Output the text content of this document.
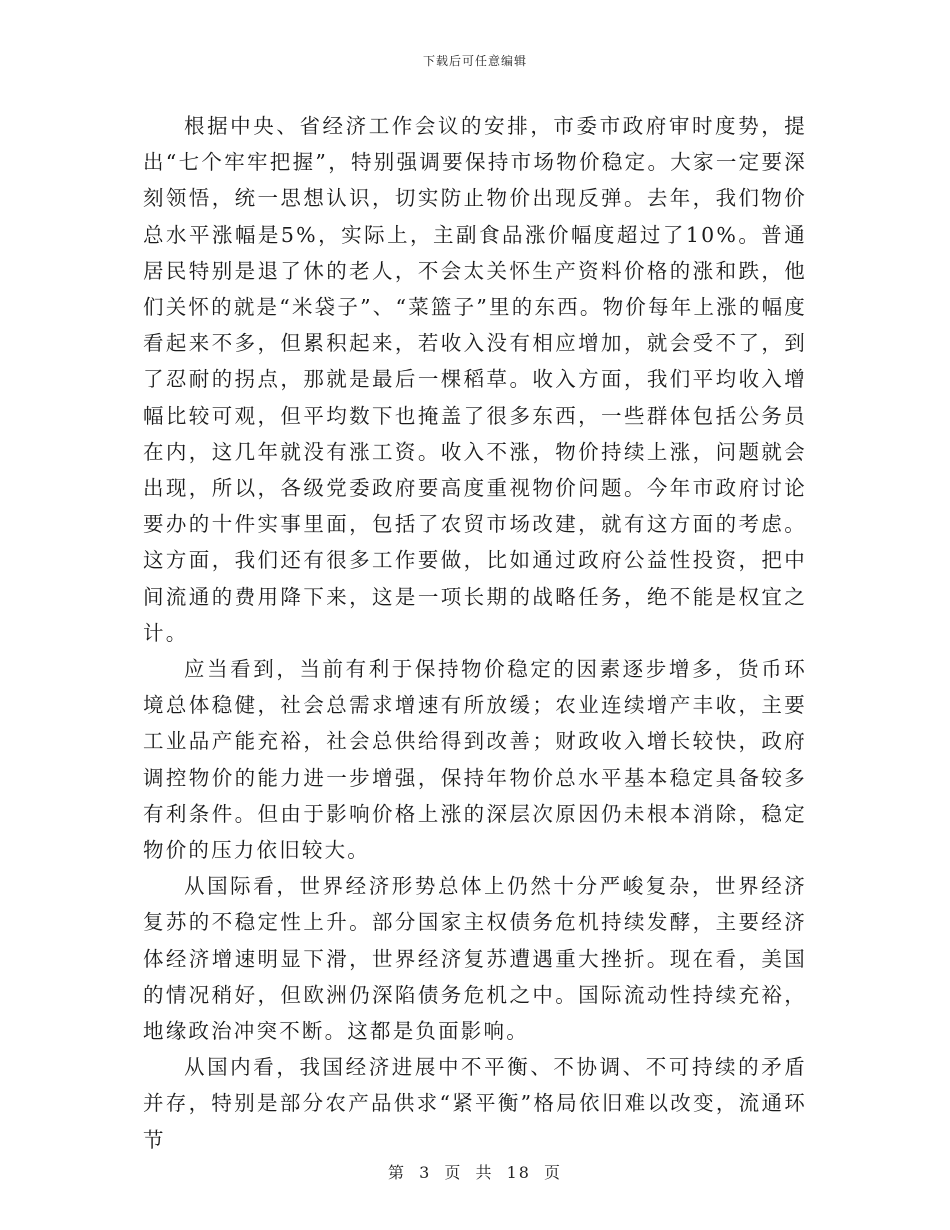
下载后可任意编辑

根据中央、省经济工作会议的安排，市委市政府审时度势，提出“七个牢牢把握”，特别强调要保持市场物价稳定。大家一定要深刻领悟，统一思想认识，切实防止物价出现反弹。去年，我们物价总水平涨幅是5%，实际上，主副食品涨价幅度超过了10%。普通居民特别是退了休的老人，不会太关怀生产资料价格的涨和跌，他们关怀的就是“米袋子”、“菜篮子”里的东西。物价每年上涨的幅度看起来不多，但累积起来，若收入没有相应增加，就会受不了，到了忍耐的拐点，那就是最后一棵稻草。收入方面，我们平均收入增幅比较可观，但平均数下也掩盖了很多东西，一些群体包括公务员在内，这几年就没有涨工资。收入不涨，物价持续上涨，问题就会出现，所以，各级党委政府要高度重视物价问题。今年市政府讨论要办的十件实事里面，包括了农贸市场改建，就有这方面的考虑。这方面，我们还有很多工作要做，比如通过政府公益性投资，把中间流通的费用降下来，这是一项长期的战略任务，绝不能是权宜之计。

应当看到，当前有利于保持物价稳定的因素逐步增多，货币环境总体稳健，社会总需求增速有所放缓；农业连续增产丰收，主要工业品产能充裕，社会总供给得到改善；财政收入增长较快，政府调控物价的能力进一步增强，保持年物价总水平基本稳定具备较多有利条件。但由于影响价格上涨的深层次原因仍未根本消除，稳定物价的压力依旧较大。

从国际看，世界经济形势总体上仍然十分严峻复杂，世界经济复苏的不稳定性上升。部分国家主权债务危机持续发酵，主要经济体经济增速明显下滑，世界经济复苏遭遇重大挫折。现在看，美国的情况稍好，但欧洲仍深陷债务危机之中。国际流动性持续充裕，地缘政治冲突不断。这都是负面影响。

从国内看，我国经济进展中不平衡、不协调、不可持续的矛盾并存，特别是部分农产品供求“紧平衡”格局依旧难以改变，流通环节

第 3 页 共 18 页
